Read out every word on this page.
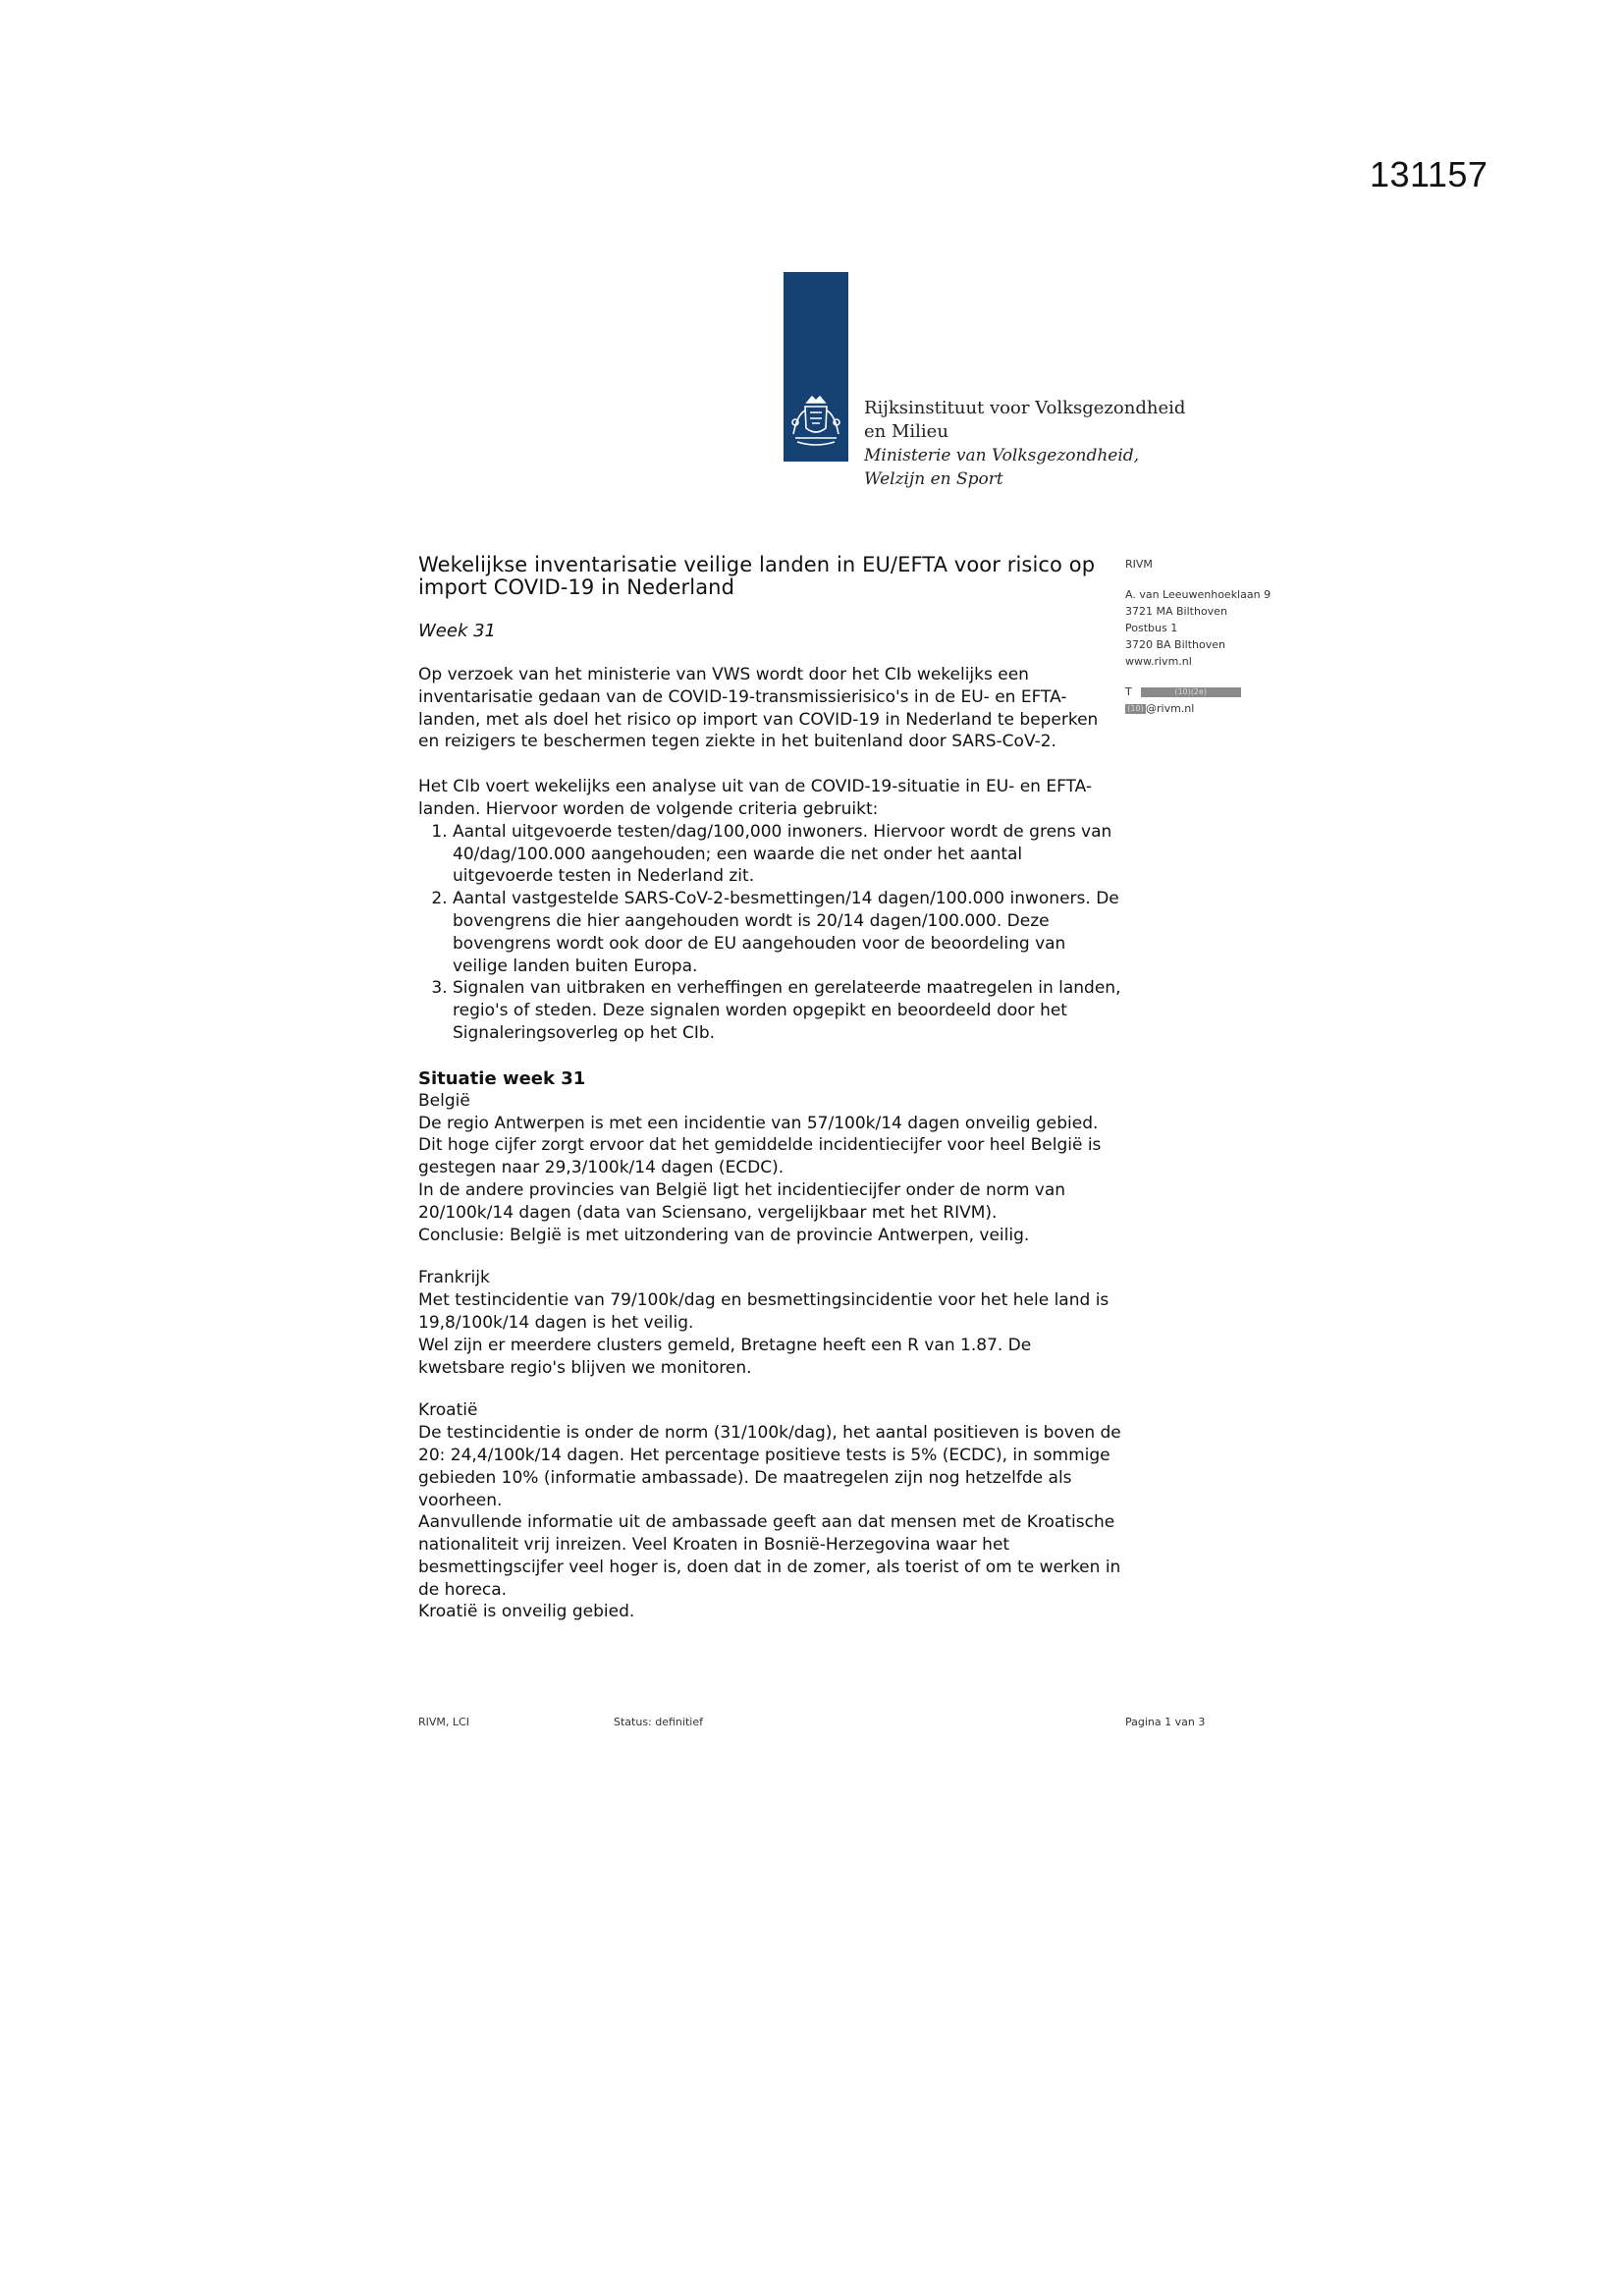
131157
Rijksinstituut voor Volksgezondheid
en Milieu
Ministerie van Volksgezondheid,
Welzijn en Sport
RIVM
A. van Leeuwenhoeklaan 9
3721 MA Bilthoven
Postbus 1
3720 BA Bilthoven
www.rivm.nl
T	(10)(2e)
(10) @rivm.nl
Wekelijkse inventarisatie veilige landen in EU/EFTA voor risico op import COVID-19 in Nederland
Week 31

Op verzoek van het ministerie van VWS wordt door het CIb wekelijks een inventarisatie gedaan van de COVID-19-transmissierisico's in de EU- en EFTA-landen, met als doel het risico op import van COVID-19 in Nederland te beperken en reizigers te beschermen tegen ziekte in het buitenland door SARS-CoV-2.

Het CIb voert wekelijks een analyse uit van de COVID-19-situatie in EU- en EFTA-landen. Hiervoor worden de volgende criteria gebruikt:

1. Aantal uitgevoerde testen/dag/100,000 inwoners. Hiervoor wordt de grens van 40/dag/100.000 aangehouden; een waarde die net onder het aantal uitgevoerde testen in Nederland zit.
2. Aantal vastgestelde SARS-CoV-2-besmettingen/14 dagen/100.000 inwoners. De bovengrens die hier aangehouden wordt is 20/14 dagen/100.000. Deze bovengrens wordt ook door de EU aangehouden voor de beoordeling van veilige landen buiten Europa.
3. Signalen van uitbraken en verheffingen en gerelateerde maatregelen in landen, regio's of steden. Deze signalen worden opgepikt en beoordeeld door het Signaleringsoverleg op het CIb.
Situatie week 31
België
De regio Antwerpen is met een incidentie van 57/100k/14 dagen onveilig gebied. Dit hoge cijfer zorgt ervoor dat het gemiddelde incidentiecijfer voor heel België is gestegen naar 29,3/100k/14 dagen (ECDC).
In de andere provincies van België ligt het incidentiecijfer onder de norm van 20/100k/14 dagen (data van Sciensano, vergelijkbaar met het RIVM).
Conclusie: België is met uitzondering van de provincie Antwerpen, veilig.
Frankrijk
Met testincidentie van 79/100k/dag en besmettingsincidentie voor het hele land is 19,8/100k/14 dagen is het veilig.
Wel zijn er meerdere clusters gemeld, Bretagne heeft een R van 1.87. De kwetsbare regio's blijven we monitoren.
Kroatië
De testincidentie is onder de norm (31/100k/dag), het aantal positieven is boven de 20: 24,4/100k/14 dagen. Het percentage positieve tests is 5% (ECDC), in sommige gebieden 10% (informatie ambassade). De maatregelen zijn nog hetzelfde als voorheen.
Aanvullende informatie uit de ambassade geeft aan dat mensen met de Kroatische nationaliteit vrij inreizen. Veel Kroaten in Bosnië-Herzegovina waar het besmettingscijfer veel hoger is, doen dat in de zomer, als toerist of om te werken in de horeca.
Kroatië is onveilig gebied.
RIVM, LCI	Status: definitief	Pagina 1 van 3
